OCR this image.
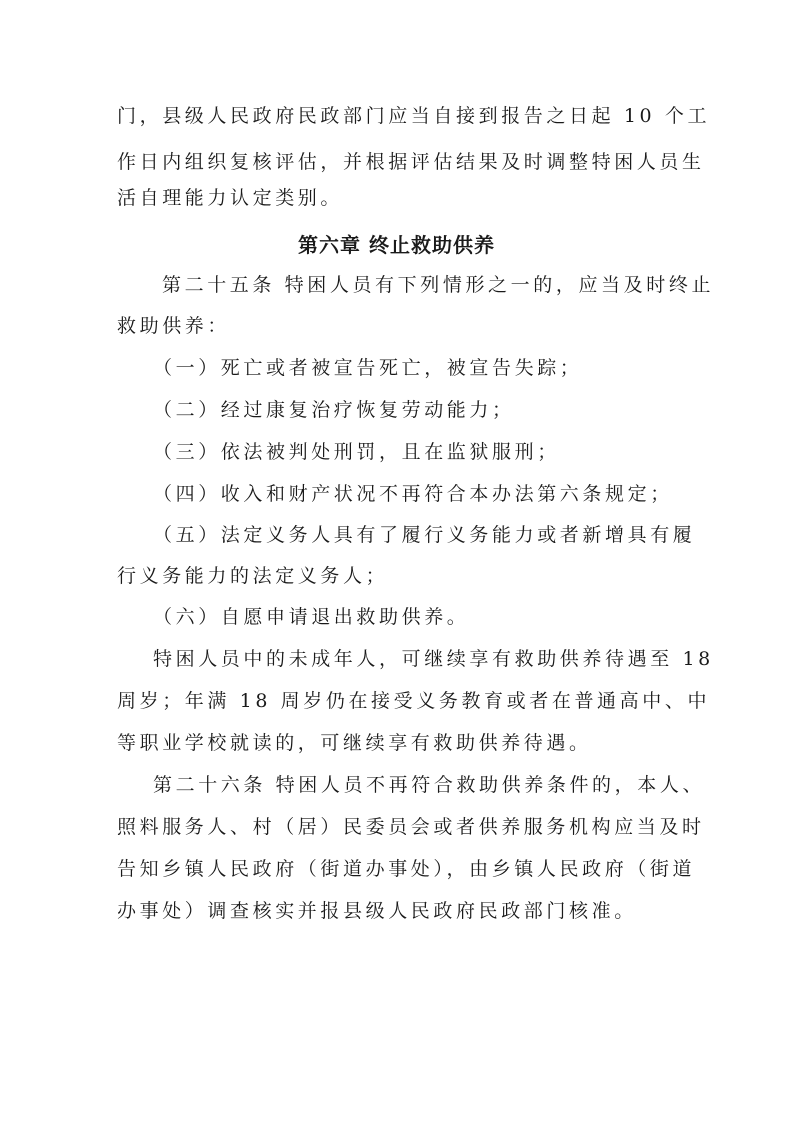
门，县级人民政府民政部门应当自接到报告之日起 10 个工
作日内组织复核评估，并根据评估结果及时调整特困人员生
活自理能力认定类别。
第六章 终止救助供养
第二十五条 特困人员有下列情形之一的，应当及时终止
救助供养：
（一）死亡或者被宣告死亡，被宣告失踪；
（二）经过康复治疗恢复劳动能力；
（三）依法被判处刑罚，且在监狱服刑；
（四）收入和财产状况不再符合本办法第六条规定；
（五）法定义务人具有了履行义务能力或者新增具有履
行义务能力的法定义务人；
（六）自愿申请退出救助供养。
特困人员中的未成年人，可继续享有救助供养待遇至 18
周岁；年满 18 周岁仍在接受义务教育或者在普通高中、中
等职业学校就读的，可继续享有救助供养待遇。
第二十六条 特困人员不再符合救助供养条件的，本人、
照料服务人、村（居）民委员会或者供养服务机构应当及时
告知乡镇人民政府（街道办事处），由乡镇人民政府（街道
办事处）调查核实并报县级人民政府民政部门核准。
